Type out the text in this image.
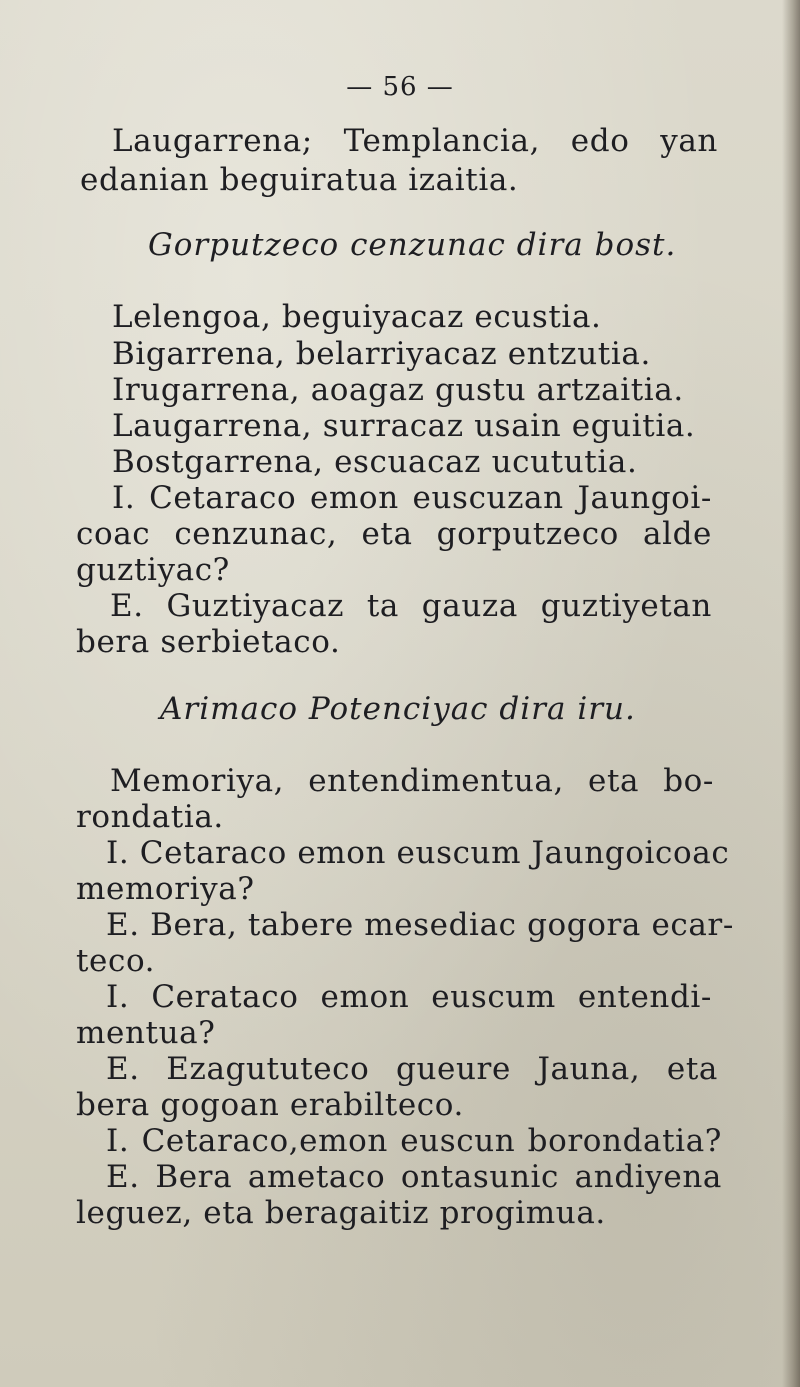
— 56 —
Laugarrena; Templancia, edo yan
edanian beguiratua izaitia.
Gorputzeco cenzunac dira bost.
Lelengoa, beguiyacaz ecustia.
Bigarrena, belarriyacaz entzutia.
Irugarrena, aoagaz gustu artzaitia.
Laugarrena, surracaz usain eguitia.
Bostgarrena, escuacaz ucututia.
I. Cetaraco emon euscuzan Jaungoi-
coac cenzunac, eta gorputzeco alde
guztiyac?
E. Guztiyacaz ta gauza guztiyetan
bera serbietaco.
Arimaco Potenciyac dira iru.
Memoriya, entendimentua, eta bo-
rondatia.
I. Cetaraco emon euscum Jaungoicoac
memoriya?
E. Bera, tabere mesediac gogora ecar-
teco.
I. Cerataco emon euscum entendi-
mentua?
E. Ezagututeco gueure Jauna, eta
bera gogoan erabilteco.
I. Cetaraco,emon euscun borondatia?
E. Bera ametaco ontasunic andiyena
leguez, eta beragaitiz progimua.
